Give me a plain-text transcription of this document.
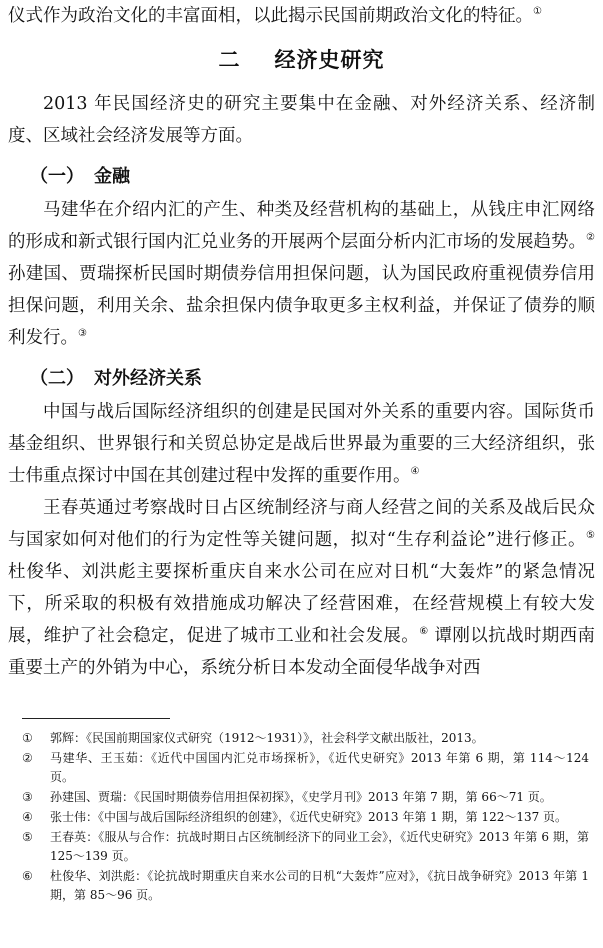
仪式作为政治文化的丰富面相，以此揭示民国前期政治文化的特征。①

二 经济史研究

2013 年民国经济史的研究主要集中在金融、对外经济关系、经济制度、区域社会经济发展等方面。

（一） 金融

马建华在介绍内汇的产生、种类及经营机构的基础上，从钱庄申汇网络的形成和新式银行国内汇兑业务的开展两个层面分析内汇市场的发展趋势。② 孙建国、贾瑞探析民国时期债券信用担保问题，认为国民政府重视债券信用担保问题，利用关余、盐余担保内债争取更多主权利益，并保证了债券的顺利发行。③

（二） 对外经济关系

中国与战后国际经济组织的创建是民国对外关系的重要内容。国际货币基金组织、世界银行和关贸总协定是战后世界最为重要的三大经济组织，张士伟重点探讨中国在其创建过程中发挥的重要作用。④

王春英通过考察战时日占区统制经济与商人经营之间的关系及战后民众与国家如何对他们的行为定性等关键问题，拟对“生存利益论”进行修正。⑤ 杜俊华、刘洪彪主要探析重庆自来水公司在应对日机“大轰炸”的紧急情况下，所采取的积极有效措施成功解决了经营困难，在经营规模上有较大发展，维护了社会稳定，促进了城市工业和社会发展。⑥ 谭刚以抗战时期西南重要土产的外销为中心，系统分析日本发动全面侵华战争对西

①	郭辉：《民国前期国家仪式研究（1912～1931）》，社会科学文献出版社，2013。
②	马建华、王玉茹：《近代中国国内汇兑市场探析》，《近代史研究》2013 年第 6 期，第 114～124 页。
③	孙建国、贾瑞：《民国时期债券信用担保初探》，《史学月刊》2013 年第 7 期，第 66～71 页。
④	张士伟：《中国与战后国际经济组织的创建》，《近代史研究》2013 年第 1 期，第 122～137 页。
⑤	王春英：《服从与合作：抗战时期日占区统制经济下的同业工会》，《近代史研究》2013 年第 6 期，第 125～139 页。
⑥	杜俊华、刘洪彪：《论抗战时期重庆自来水公司的日机“大轰炸”应对》，《抗日战争研究》2013 年第 1 期，第 85～96 页。
